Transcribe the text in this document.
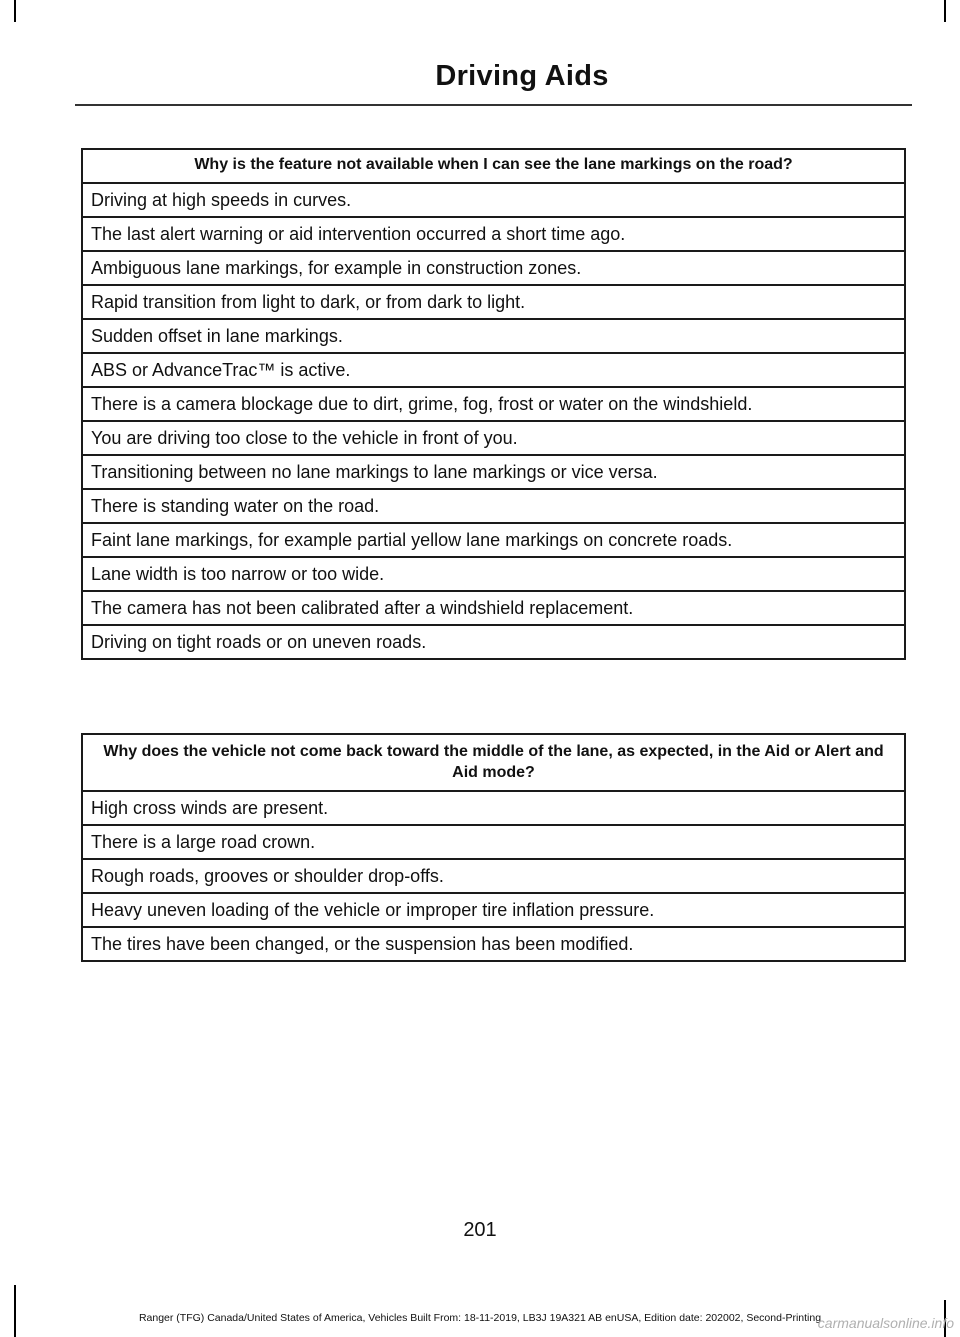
Driving Aids
Why is the feature not available when I can see the lane markings on the road?
Driving at high speeds in curves.
The last alert warning or aid intervention occurred a short time ago.
Ambiguous lane markings, for example in construction zones.
Rapid transition from light to dark, or from dark to light.
Sudden offset in lane markings.
ABS or AdvanceTrac™ is active.
There is a camera blockage due to dirt, grime, fog, frost or water on the windshield.
You are driving too close to the vehicle in front of you.
Transitioning between no lane markings to lane markings or vice versa.
There is standing water on the road.
Faint lane markings, for example partial yellow lane markings on concrete roads.
Lane width is too narrow or too wide.
The camera has not been calibrated after a windshield replacement.
Driving on tight roads or on uneven roads.
Why does the vehicle not come back toward the middle of the lane, as expected, in the Aid or Alert and Aid mode?
High cross winds are present.
There is a large road crown.
Rough roads, grooves or shoulder drop-offs.
Heavy uneven loading of the vehicle or improper tire inflation pressure.
The tires have been changed, or the suspension has been modified.
201
Ranger (TFG) Canada/United States of America, Vehicles Built From: 18-11-2019, LB3J 19A321 AB enUSA, Edition date: 202002, Second-Printing
carmanualsonline.info
